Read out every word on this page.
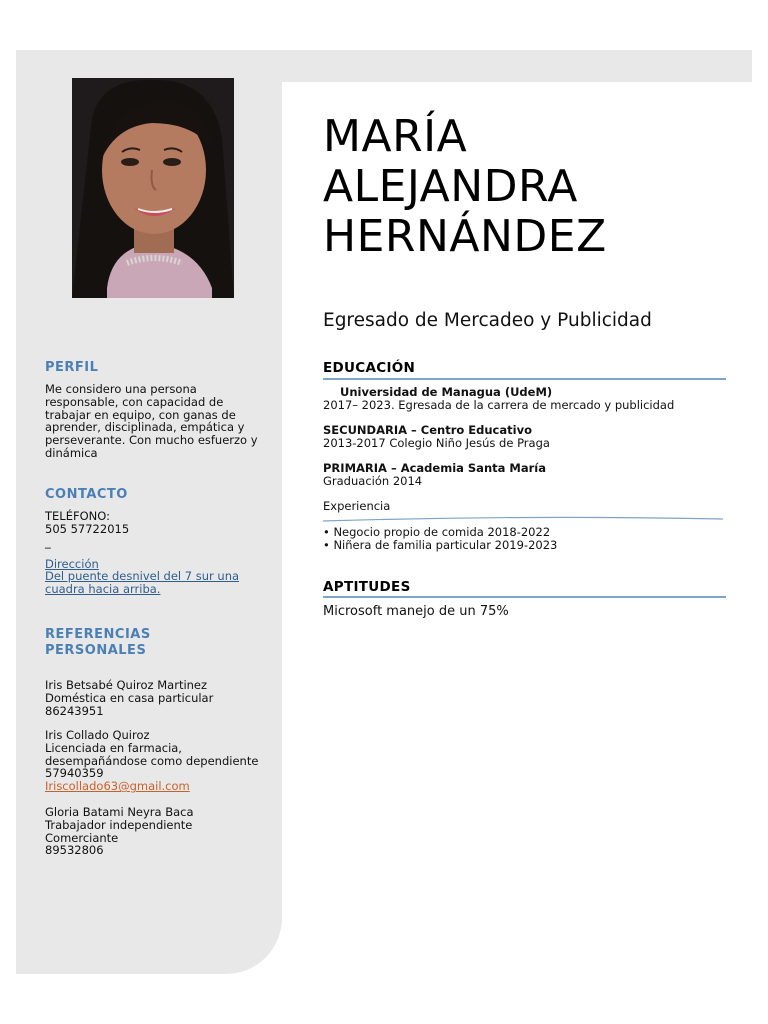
PERFIL
Me considero una persona
responsable, con capacidad de
trabajar en equipo, con ganas de
aprender, disciplinada, empática y
perseverante. Con mucho esfuerzo y
dinámica
CONTACTO
TELÉFONO:
505 57722015
_
Dirección
Del puente desnivel del 7 sur una
cuadra hacia arriba.
REFERENCIAS
PERSONALES
Iris Betsabé Quiroz Martinez
Doméstica en casa particular
86243951
Iris Collado Quiroz
Licenciada en farmacia,
desempañándose como dependiente
57940359
Iriscollado63@gmail.com
Gloria Batami Neyra Baca
Trabajador independiente
Comerciante
89532806
MARÍA
ALEJANDRA
HERNÁNDEZ
Egresado de Mercadeo y Publicidad
EDUCACIÓN
Universidad de Managua (UdeM)
2017– 2023. Egresada de la carrera de mercado y publicidad
SECUNDARIA – Centro Educativo
2013-2017 Colegio Niño Jesús de Praga
PRIMARIA – Academia Santa María
Graduación 2014
Experiencia
• Negocio propio de comida 2018-2022
• Niñera de familia particular 2019-2023
APTITUDES
Microsoft manejo de un 75%
